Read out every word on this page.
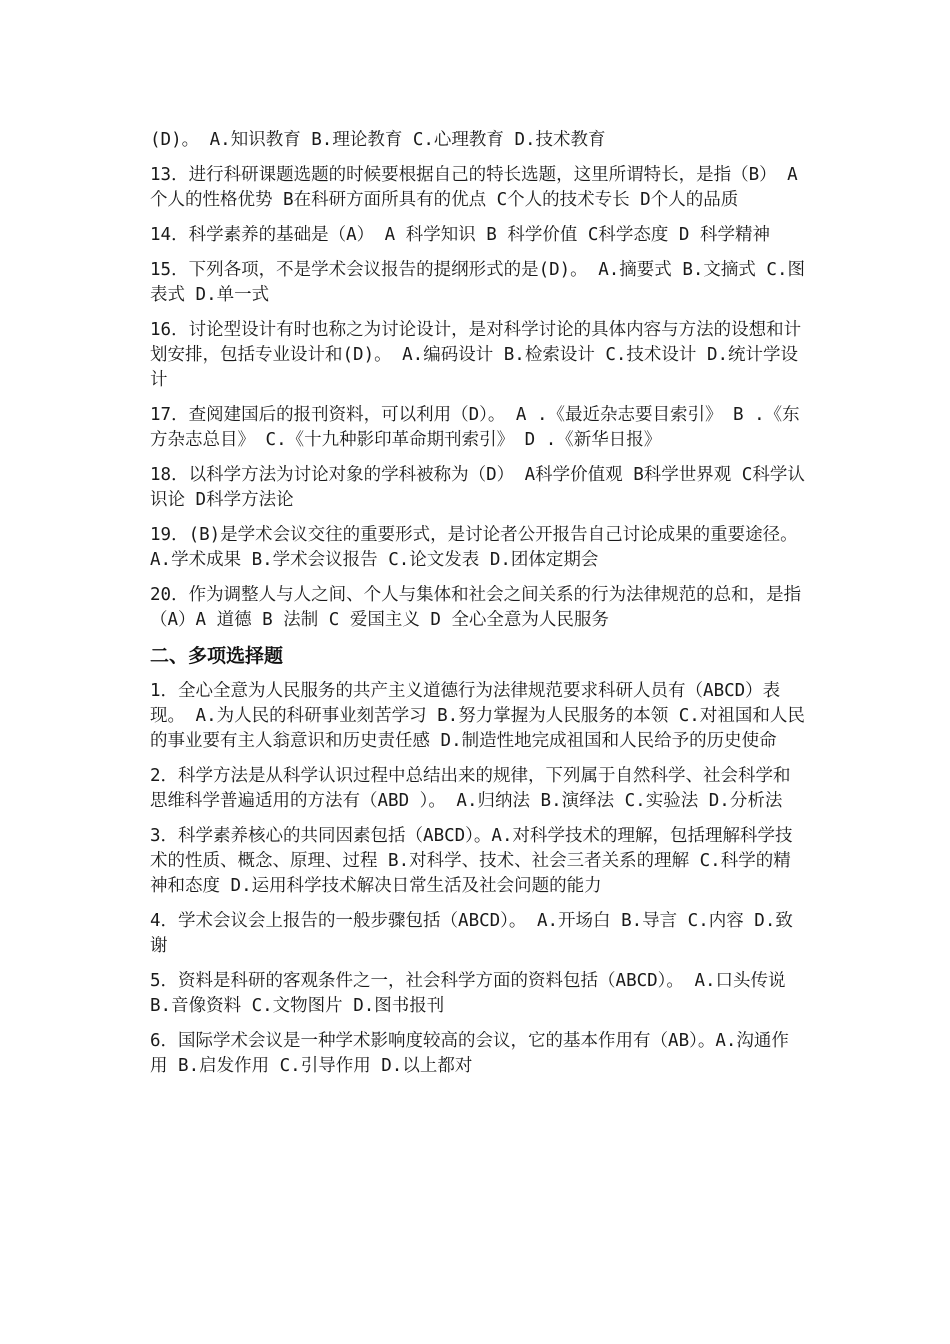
(D)。 A.知识教育 B.理论教育 C.心理教育 D.技术教育

13．进行科研课题选题的时候要根据自己的特长选题，这里所谓特长，是指（B） A个人的性格优势 B在科研方面所具有的优点 C个人的技术专长 D个人的品质

14．科学素养的基础是（A） A 科学知识 B 科学价值 C科学态度 D 科学精神

15．下列各项，不是学术会议报告的提纲形式的是(D)。 A.摘要式 B.文摘式 C.图表式 D.单一式

16．讨论型设计有时也称之为讨论设计，是对科学讨论的具体内容与方法的设想和计划安排，包括专业设计和(D)。 A.编码设计 B.检索设计 C.技术设计 D.统计学设计

17．查阅建国后的报刊资料，可以利用（D）。 A .《最近杂志要目索引》 B .《东方杂志总目》 C.《十九种影印革命期刊索引》 D .《新华日报》

18．以科学方法为讨论对象的学科被称为（D） A科学价值观 B科学世界观 C科学认识论 D科学方法论

19．(B)是学术会议交往的重要形式，是讨论者公开报告自己讨论成果的重要途径。 A.学术成果 B.学术会议报告 C.论文发表 D.团体定期会

20．作为调整人与人之间、个人与集体和社会之间关系的行为法律规范的总和，是指（A）A 道德 B 法制 C 爱国主义 D 全心全意为人民服务

二、多项选择题

1．全心全意为人民服务的共产主义道德行为法律规范要求科研人员有（ABCD）表现。 A.为人民的科研事业刻苦学习 B.努力掌握为人民服务的本领 C.对祖国和人民的事业要有主人翁意识和历史责任感 D.制造性地完成祖国和人民给予的历史使命

2．科学方法是从科学认识过程中总结出来的规律，下列属于自然科学、社会科学和思维科学普遍适用的方法有（ABD ）。 A.归纳法 B.演绎法 C.实验法 D.分析法

3．科学素养核心的共同因素包括（ABCD）。A.对科学技术的理解，包括理解科学技术的性质、概念、原理、过程 B.对科学、技术、社会三者关系的理解 C.科学的精神和态度 D.运用科学技术解决日常生活及社会问题的能力

4．学术会议会上报告的一般步骤包括（ABCD）。 A.开场白 B.导言 C.内容 D.致谢

5．资料是科研的客观条件之一，社会科学方面的资料包括（ABCD）。 A.口头传说 B.音像资料 C.文物图片 D.图书报刊

6．国际学术会议是一种学术影响度较高的会议，它的基本作用有（AB）。A.沟通作用 B.启发作用 C.引导作用 D.以上都对
